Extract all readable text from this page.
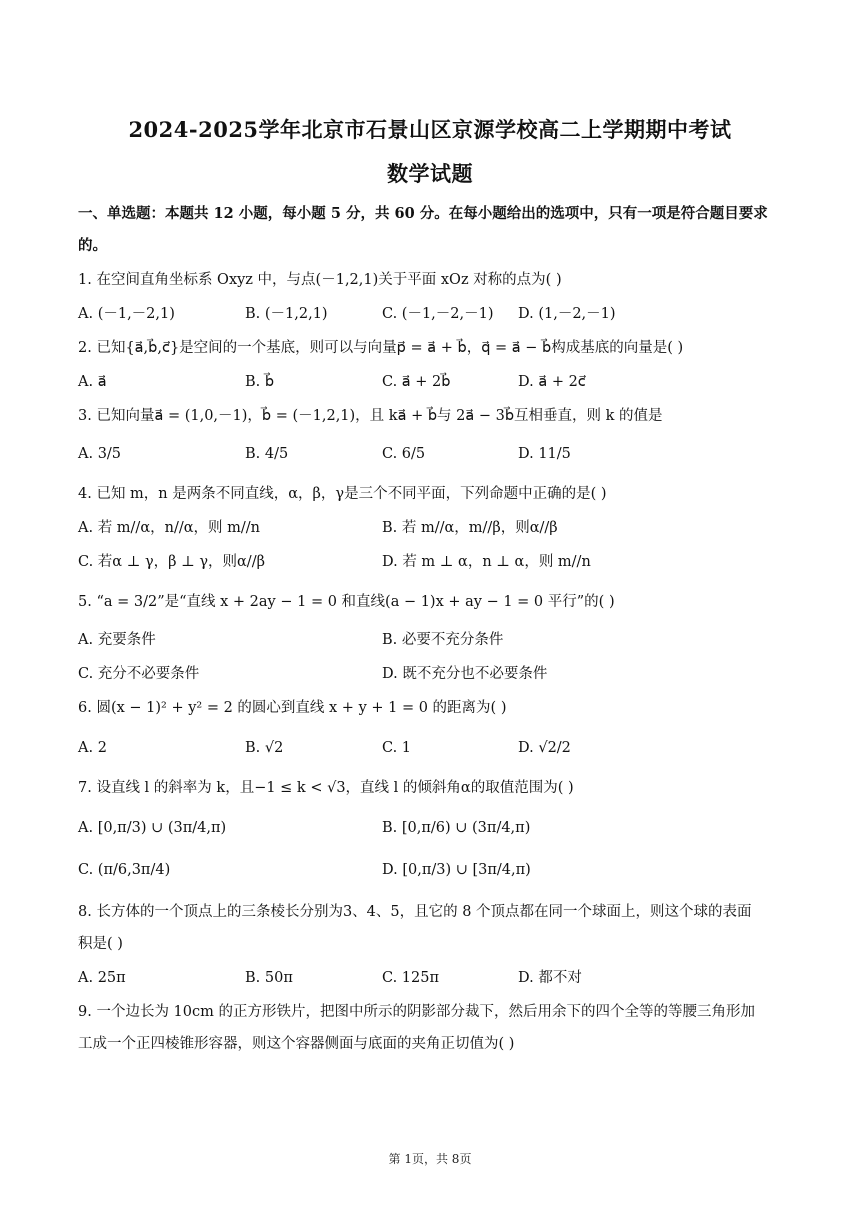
2024-2025学年北京市石景山区京源学校高二上学期期中考试
数学试题
一、单选题：本题共 12 小题，每小题 5 分，共 60 分。在每小题给出的选项中，只有一项是符合题目要求
的。
1. 在空间直角坐标系 Oxyz 中，与点(－1,2,1)关于平面 xOz 对称的点为( )
A. (－1,－2,1)	B. (－1,2,1)	C. (－1,－2,－1) D. (1,－2,－1)
2. 已知{a⃗,b⃗,c⃗}是空间的一个基底，则可以与向量p⃗ = a⃗ + b⃗，q⃗ = a⃗ − b⃗构成基底的向量是( )
A. a⃗	B. b⃗	C. a⃗ + 2b⃗	D. a⃗ + 2c⃗
3. 已知向量a⃗ = (1,0,－1)，b⃗ = (－1,2,1)，且 ka⃗ + b⃗与 2a⃗ − 3b⃗互相垂直，则 k 的值是
A. 3/5	B. 4/5	C. 6/5	D. 11/5
4. 已知 m，n 是两条不同直线，α，β，γ是三个不同平面，下列命题中正确的是( )
A. 若 m//α，n//α，则 m//n	B. 若 m//α，m//β，则α//β
C. 若α ⊥ γ，β ⊥ γ，则α//β	D. 若 m ⊥ α，n ⊥ α，则 m//n
5. “a = 3/2”是“直线 x + 2ay − 1 = 0 和直线(a − 1)x + ay − 1 = 0 平行”的( )
A. 充要条件	B. 必要不充分条件
C. 充分不必要条件	D. 既不充分也不必要条件
6. 圆(x − 1)² + y² = 2 的圆心到直线 x + y + 1 = 0 的距离为( )
A. 2	B. √2	C. 1	D. √2/2
7. 设直线 l 的斜率为 k，且−1 ≤ k < √3，直线 l 的倾斜角α的取值范围为( )
A. [0,π/3) ∪ (3π/4,π)	B. [0,π/6) ∪ (3π/4,π)
C. (π/6,3π/4)	D. [0,π/3) ∪ [3π/4,π)
8. 长方体的一个顶点上的三条棱长分别为3、4、5，且它的 8 个顶点都在同一个球面上，则这个球的表面
积是( )
A. 25π	B. 50π	C. 125π	D. 都不对
9. 一个边长为 10cm 的正方形铁片，把图中所示的阴影部分裁下，然后用余下的四个全等的等腰三角形加
工成一个正四棱锥形容器，则这个容器侧面与底面的夹角正切值为( )
第 1页，共 8页
